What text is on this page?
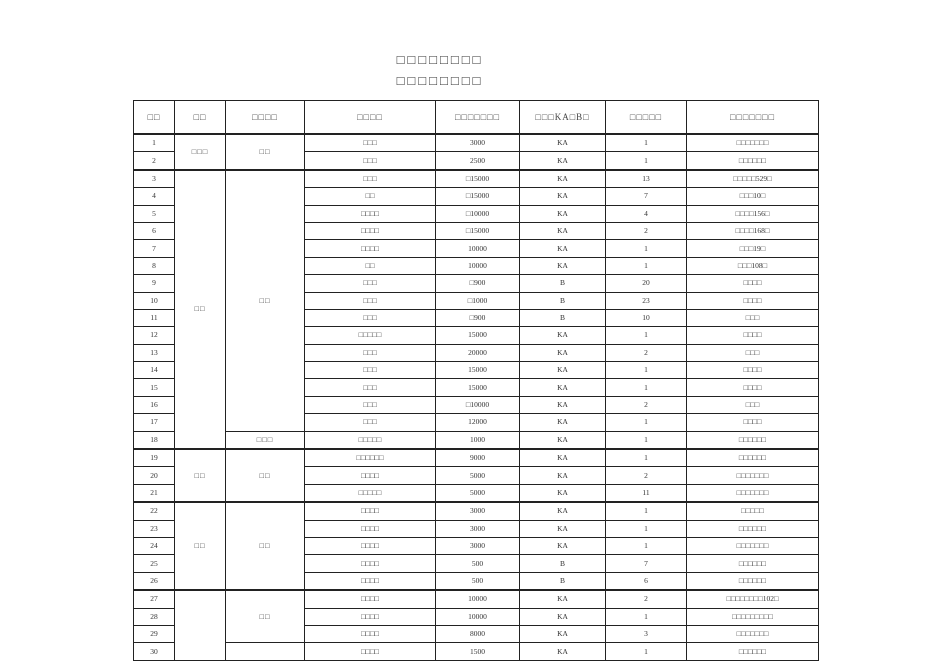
□□□□□□□□
□□□□□□□□
□□	□□	□□□□	□□□□	□□□□□□□	□□□KA□B□	□□□□□	□□□□□□□
1	□□□	□□	□□□	3000	KA	1	□□□□□□□
2			□□□	2500	KA	1	□□□□□□
3	□□	□□	□□□	□15000	KA	13	□□□□□529□
4			□□	□15000	KA	7	□□□10□
5			□□□□	□10000	KA	4	□□□□156□
6			□□□□	□15000	KA	2	□□□□168□
7			□□□□	10000	KA	1	□□□19□
8			□□	10000	KA	1	□□□108□
9			□□□	□900	B	20	□□□□
10			□□□	□1000	B	23	□□□□
11			□□□	□900	B	10	□□□
12			□□□□□	15000	KA	1	□□□□
13			□□□	20000	KA	2	□□□
14			□□□	15000	KA	1	□□□□
15			□□□	15000	KA	1	□□□□
16			□□□	□10000	KA	2	□□□
17			□□□	12000	KA	1	□□□□
18		□□□	□□□□□	1000	KA	1	□□□□□□
19	□□	□□	□□□□□□	9000	KA	1	□□□□□□
20			□□□□	5000	KA	2	□□□□□□□
21			□□□□□	5000	KA	11	□□□□□□□
22	□□	□□	□□□□	3000	KA	1	□□□□□
23			□□□□	3000	KA	1	□□□□□□
24			□□□□	3000	KA	1	□□□□□□□
25			□□□□	500	B	7	□□□□□□
26			□□□□	500	B	6	□□□□□□
27		□□	□□□□	10000	KA	2	□□□□□□□□102□
28			□□□□	10000	KA	1	□□□□□□□□□
29			□□□□	8000	KA	3	□□□□□□□
30			□□□□	1500	KA	1	□□□□□□
